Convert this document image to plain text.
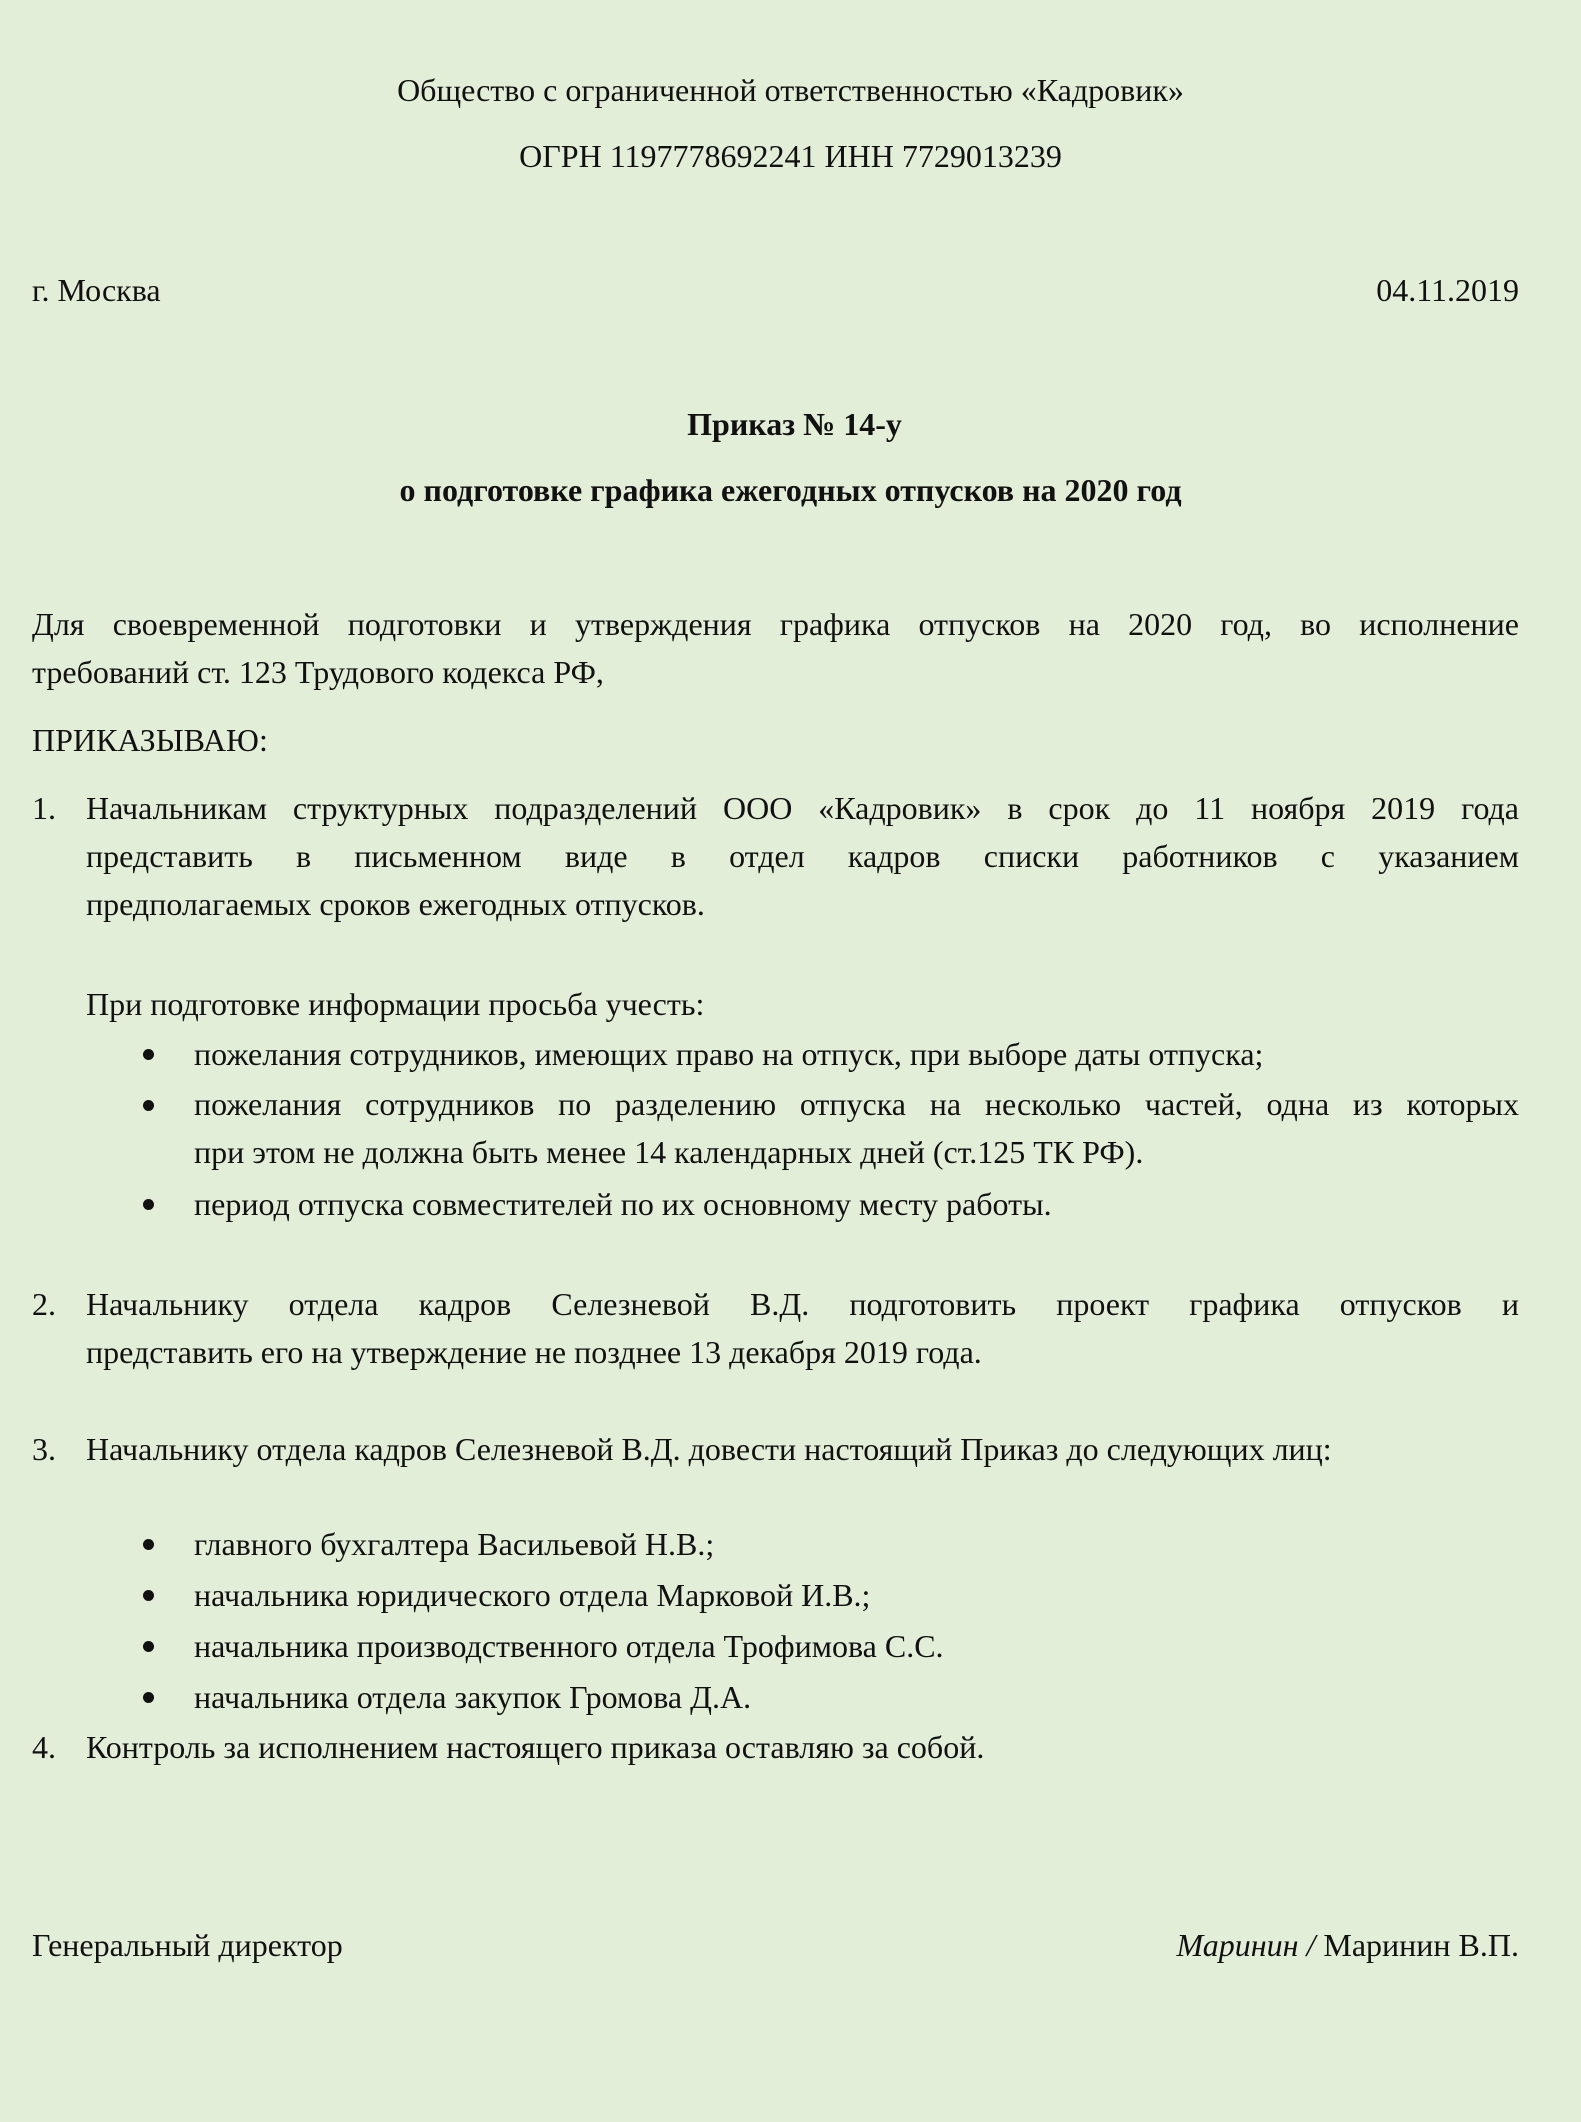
Общество с ограниченной ответственностью «Кадровик»
ОГРН 1197778692241 ИНН 7729013239
г. Москва	04.11.2019
Приказ № 14-у
о подготовке графика ежегодных отпусков на 2020 год
Для своевременной подготовки и утверждения графика отпусков на 2020 год, во исполнение
требований ст. 123 Трудового кодекса РФ,
ПРИКАЗЫВАЮ:
1. Начальникам структурных подразделений ООО «Кадровик» в срок до 11 ноября 2019 года
представить в письменном виде в отдел кадров списки работников с указанием
предполагаемых сроков ежегодных отпусков.
При подготовке информации просьба учесть:
пожелания сотрудников, имеющих право на отпуск, при выборе даты отпуска;
пожелания сотрудников по разделению отпуска на несколько частей, одна из которых
при этом не должна быть менее 14 календарных дней (ст.125 ТК РФ).
период отпуска совместителей по их основному месту работы.
2. Начальнику отдела кадров Селезневой В.Д. подготовить проект графика отпусков и
представить его на утверждение не позднее 13 декабря 2019 года.
3. Начальнику отдела кадров Селезневой В.Д. довести настоящий Приказ до следующих лиц:
главного бухгалтера Васильевой Н.В.;
начальника юридического отдела Марковой И.В.;
начальника производственного отдела Трофимова С.С.
начальника отдела закупок Громова Д.А.
4. Контроль за исполнением настоящего приказа оставляю за собой.
Генеральный директор	Маринин / Маринин В.П.
